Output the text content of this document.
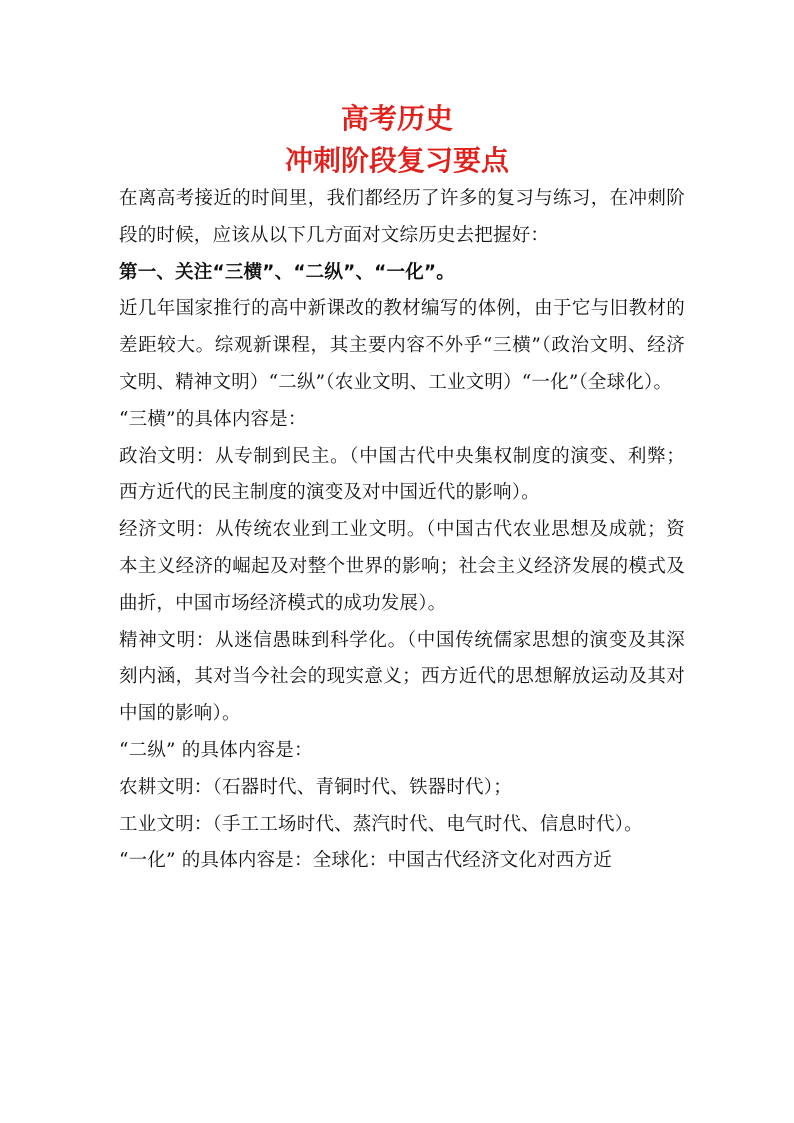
高考历史
冲刺阶段复习要点

在离高考接近的时间里，我们都经历了许多的复习与练习，在冲刺阶段的时候，应该从以下几方面对文综历史去把握好：

第一、关注“三横”、“二纵”、“一化”。

近几年国家推行的高中新课改的教材编写的体例，由于它与旧教材的差距较大。综观新课程，其主要内容不外乎“三横”（政治文明、经济文明、精神文明）“二纵”（农业文明、工业文明）“一化”（全球化）。

“三横”的具体内容是：

政治文明：从专制到民主。（中国古代中央集权制度的演变、利弊；西方近代的民主制度的演变及对中国近代的影响）。

经济文明：从传统农业到工业文明。（中国古代农业思想及成就；资本主义经济的崛起及对整个世界的影响；社会主义经济发展的模式及曲折，中国市场经济模式的成功发展）。

精神文明：从迷信愚昧到科学化。（中国传统儒家思想的演变及其深刻内涵，其对当今社会的现实意义；西方近代的思想解放运动及其对中国的影响）。

“二纵” 的具体内容是：

农耕文明：（石器时代、青铜时代、铁器时代）；

工业文明：（手工工场时代、蒸汽时代、电气时代、信息时代）。

“一化” 的具体内容是：全球化：中国古代经济文化对西方近
